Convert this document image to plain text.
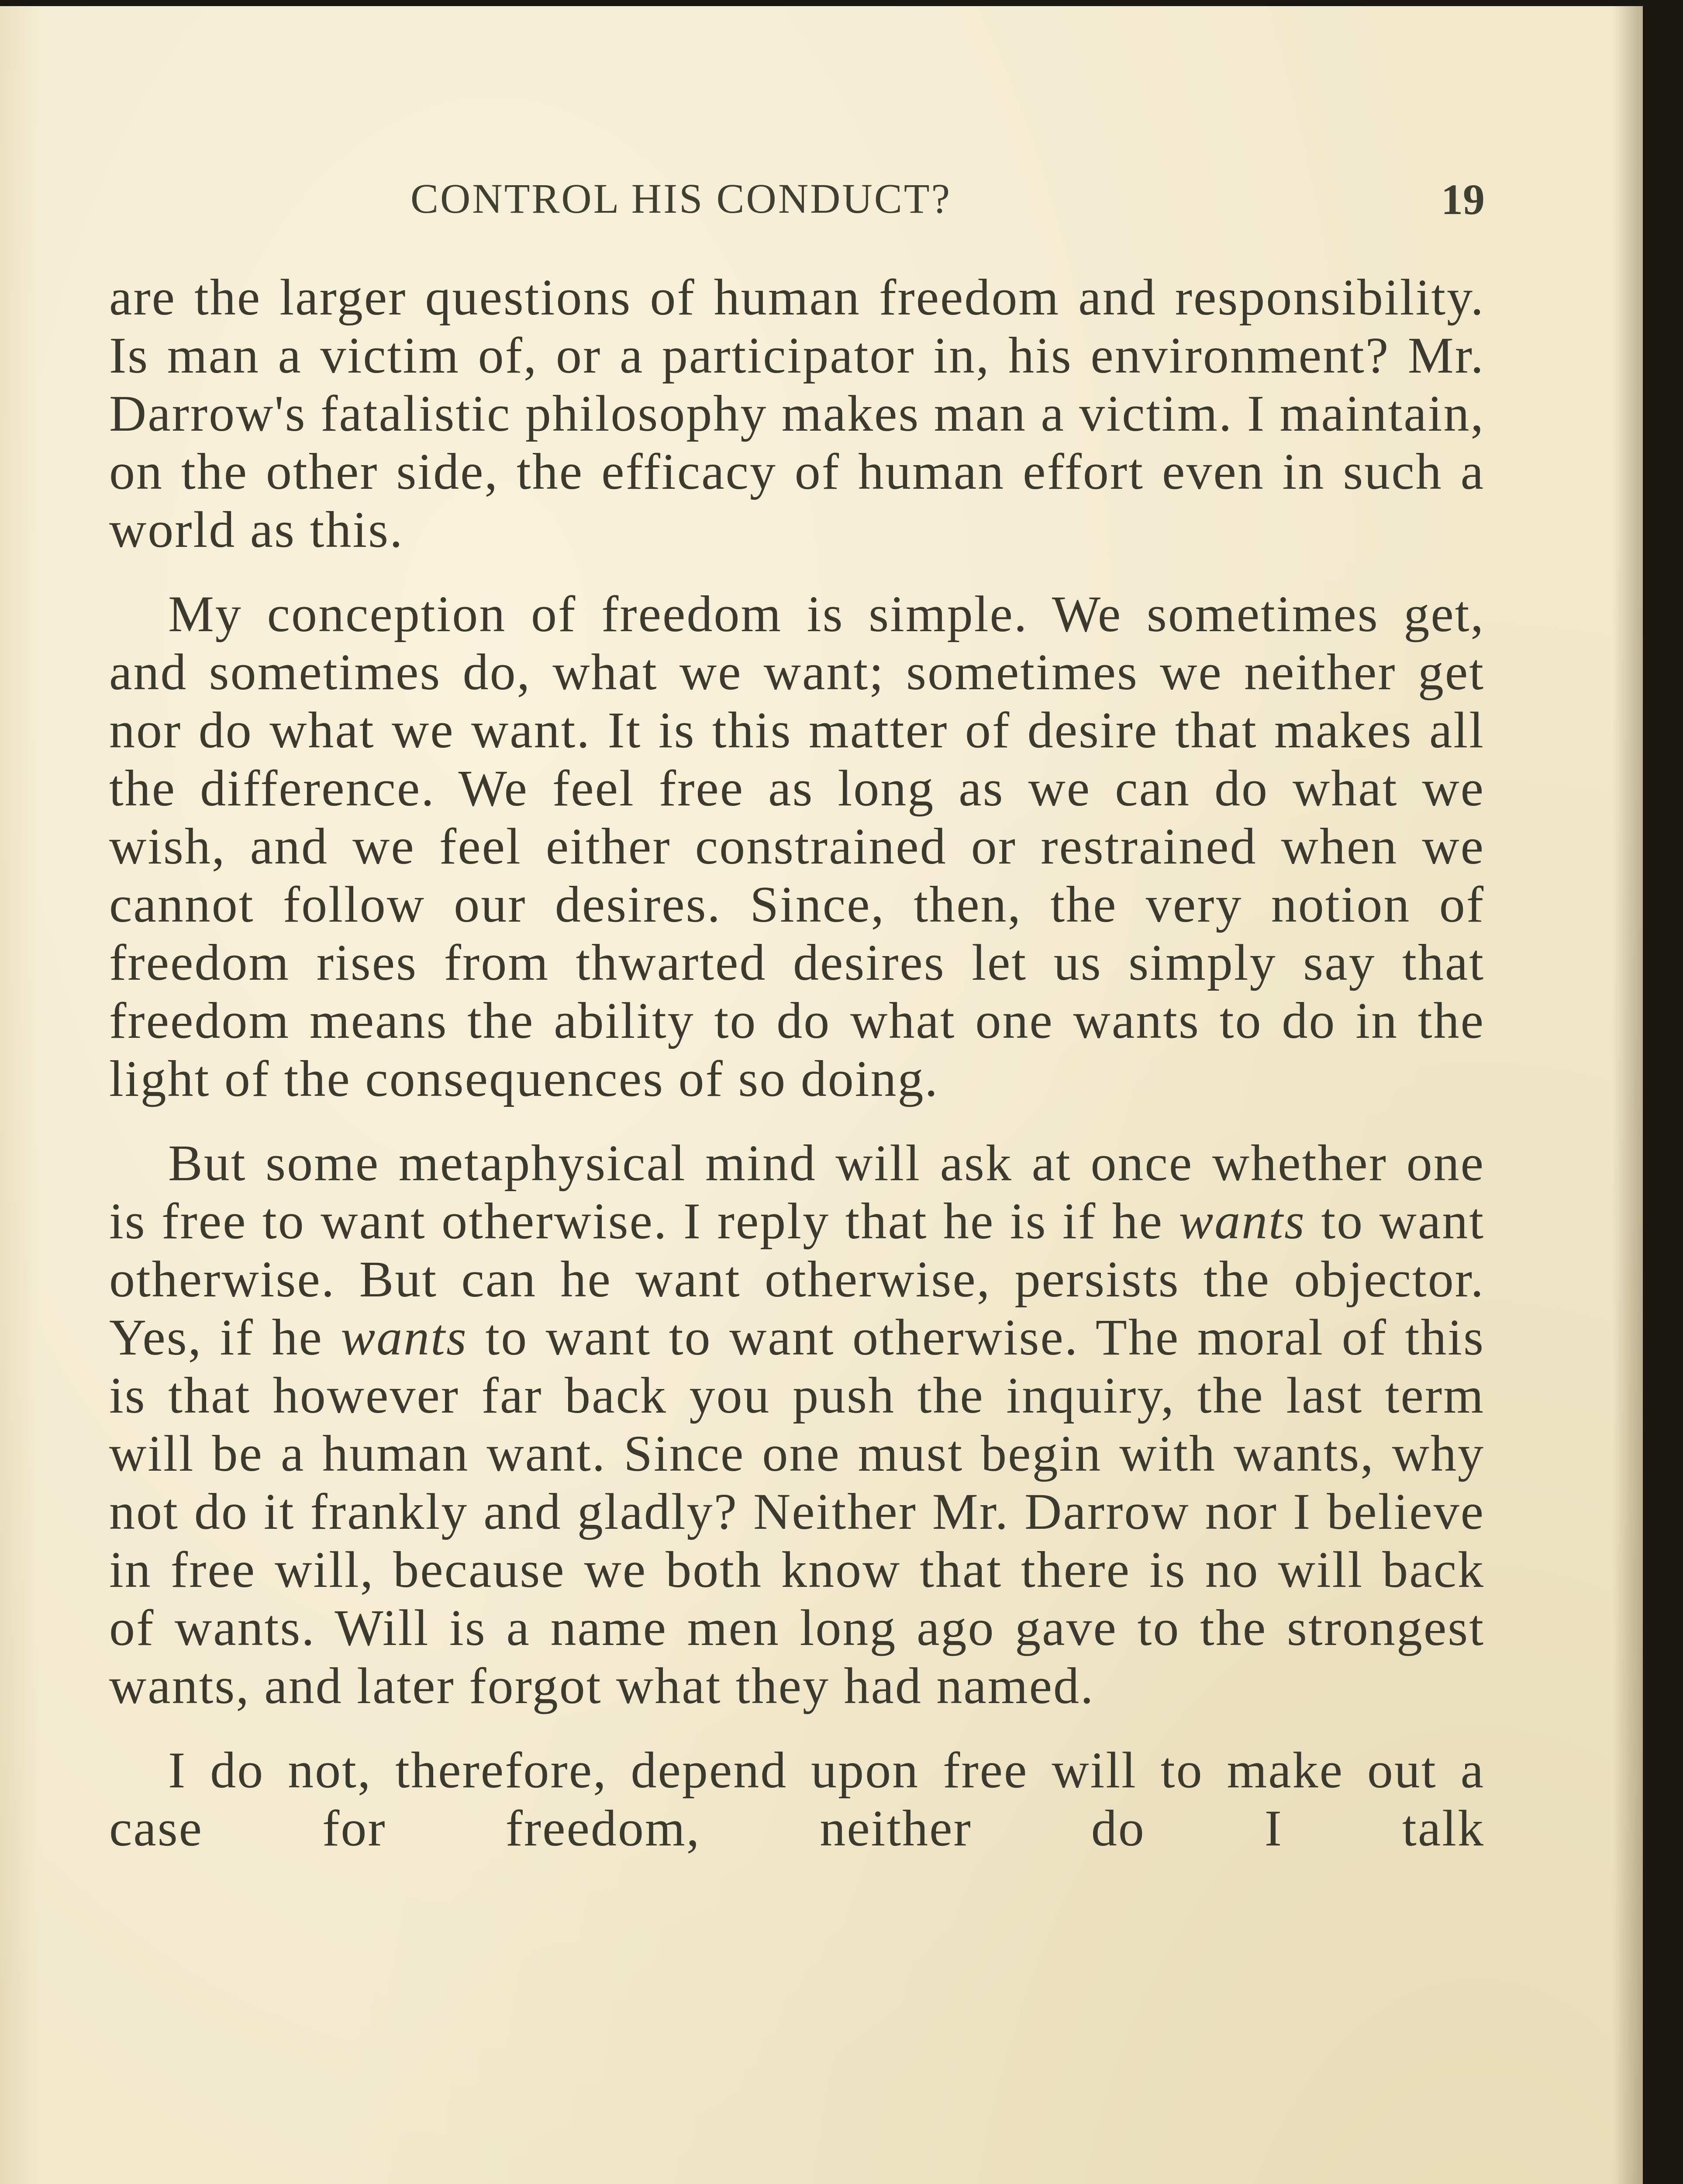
CONTROL HIS CONDUCT?	19

are the larger questions of human freedom and responsibility. Is man a victim of, or a participator in, his environment? Mr. Darrow's fatalistic philosophy makes man a victim. I maintain, on the other side, the efficacy of human effort even in such a world as this.

My conception of freedom is simple. We sometimes get, and sometimes do, what we want; sometimes we neither get nor do what we want. It is this matter of desire that makes all the difference. We feel free as long as we can do what we wish, and we feel either constrained or restrained when we cannot follow our desires. Since, then, the very notion of freedom rises from thwarted desires let us simply say that freedom means the ability to do what one wants to do in the light of the consequences of so doing.

But some metaphysical mind will ask at once whether one is free to want otherwise. I reply that he is if he wants to want otherwise. But can he want otherwise, persists the objector. Yes, if he wants to want to want otherwise. The moral of this is that however far back you push the inquiry, the last term will be a human want. Since one must begin with wants, why not do it frankly and gladly? Neither Mr. Darrow nor I believe in free will, because we both know that there is no will back of wants. Will is a name men long ago gave to the strongest wants, and later forgot what they had named.

I do not, therefore, depend upon free will to make out a case for freedom, neither do I talk
